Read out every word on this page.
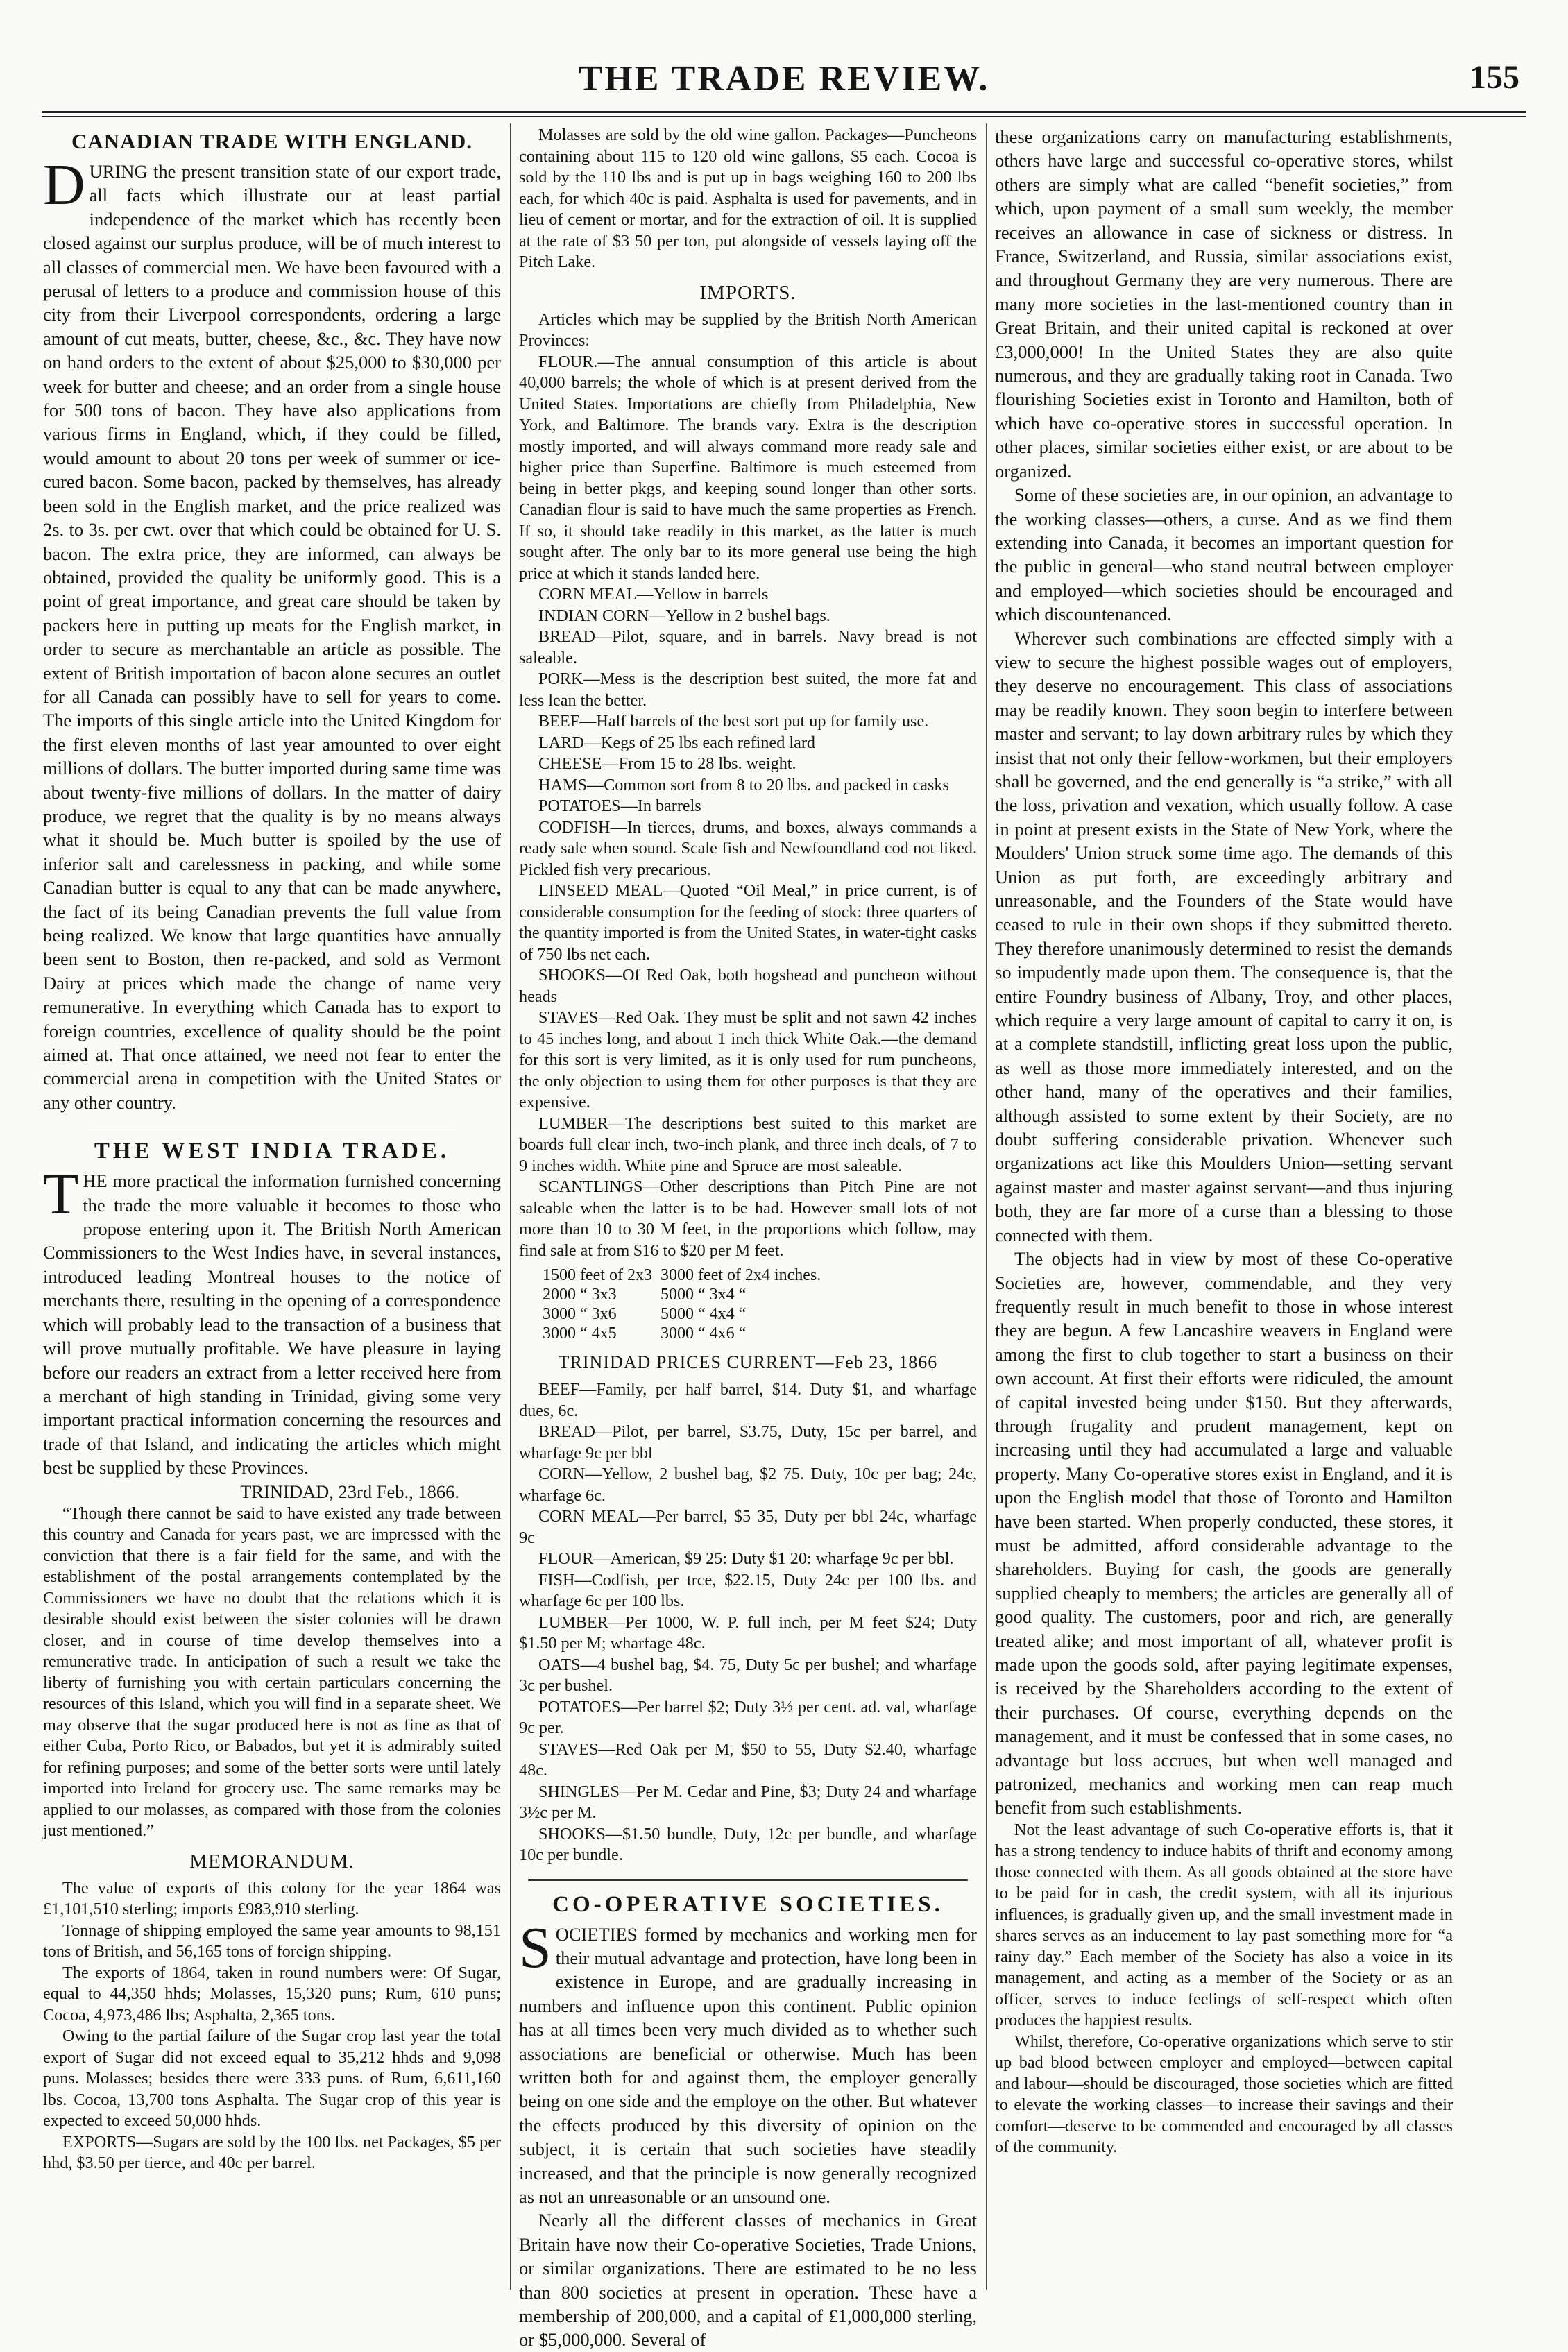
THE TRADE REVIEW.	155
CANADIAN TRADE WITH ENGLAND.

DURING the present transition state of our export trade, all facts which illustrate our at least partial independence of the market which has recently been closed against our surplus produce, will be of much interest to all classes of commercial men. We have been favoured with a perusal of letters to a produce and commission house of this city from their Liverpool correspondents, ordering a large amount of cut meats, butter, cheese, &c., &c. They have now on hand orders to the extent of about $25,000 to $30,000 per week for butter and cheese; and an order from a single house for 500 tons of bacon. They have also applications from various firms in England, which, if they could be filled, would amount to about 20 tons per week of summer or ice-cured bacon. Some bacon, packed by themselves, has already been sold in the English market, and the price realized was 2s. to 3s. per cwt. over that which could be obtained for U. S. bacon. The extra price, they are informed, can always be obtained, provided the quality be uniformly good. This is a point of great importance, and great care should be taken by packers here in putting up meats for the English market, in order to secure as merchantable an article as possible. The extent of British importation of bacon alone secures an outlet for all Canada can possibly have to sell for years to come. The imports of this single article into the United Kingdom for the first eleven months of last year amounted to over eight millions of dollars. The butter imported during same time was about twenty-five millions of dollars. In the matter of dairy produce, we regret that the quality is by no means always what it should be. Much butter is spoiled by the use of inferior salt and carelessness in packing, and while some Canadian butter is equal to any that can be made anywhere, the fact of its being Canadian prevents the full value from being realized. We know that large quantities have annually been sent to Boston, then re-packed, and sold as Vermont Dairy at prices which made the change of name very remunerative. In everything which Canada has to export to foreign countries, excellence of quality should be the point aimed at. That once attained, we need not fear to enter the commercial arena in competition with the United States or any other country.

THE WEST INDIA TRADE.

THE more practical the information furnished concerning the trade the more valuable it becomes to those who propose entering upon it. The British North American Commissioners to the West Indies have, in several instances, introduced leading Montreal houses to the notice of merchants there, resulting in the opening of a correspondence which will probably lead to the transaction of a business that will prove mutually profitable. We have pleasure in laying before our readers an extract from a letter received here from a merchant of high standing in Trinidad, giving some very important practical information concerning the resources and trade of that Island, and indicating the articles which might best be supplied by these Provinces.

TRINIDAD, 23rd Feb., 1866.

“Though there cannot be said to have existed any trade between this country and Canada for years past, we are impressed with the conviction that there is a fair field for the same, and with the establishment of the postal arrangements contemplated by the Commissioners we have no doubt that the relations which it is desirable should exist between the sister colonies will be drawn closer, and in course of time develop themselves into a remunerative trade. In anticipation of such a result we take the liberty of furnishing you with certain particulars concerning the resources of this Island, which you will find in a separate sheet. We may observe that the sugar produced here is not as fine as that of either Cuba, Porto Rico, or Babados, but yet it is admirably suited for refining purposes; and some of the better sorts were until lately imported into Ireland for grocery use. The same remarks may be applied to our molasses, as compared with those from the colonies just mentioned.”

MEMORANDUM.

The value of exports of this colony for the year 1864 was £1,101,510 sterling; imports £983,910 sterling.

Tonnage of shipping employed the same year amounts to 98,151 tons of British, and 56,165 tons of foreign shipping.

The exports of 1864, taken in round numbers were: Of Sugar, equal to 44,350 hhds; Molasses, 15,320 puns; Rum, 610 puns; Cocoa, 4,973,486 lbs; Asphalta, 2,365 tons.

Owing to the partial failure of the Sugar crop last year the total export of Sugar did not exceed equal to 35,212 hhds and 9,098 puns. Molasses; besides there were 333 puns. of Rum, 6,611,160 lbs. Cocoa, 13,700 tons Asphalta. The Sugar crop of this year is expected to exceed 50,000 hhds.

EXPORTS—Sugars are sold by the 100 lbs. net Packages, $5 per hhd, $3.50 per tierce, and 40c per barrel.

Molasses are sold by the old wine gallon. Packages—Puncheons containing about 115 to 120 old wine gallons, $5 each. Cocoa is sold by the 110 lbs and is put up in bags weighing 160 to 200 lbs each, for which 40c is paid. Asphalta is used for pavements, and in lieu of cement or mortar, and for the extraction of oil. It is supplied at the rate of $3 50 per ton, put alongside of vessels laying off the Pitch Lake.

IMPORTS.

Articles which may be supplied by the British North American Provinces:

FLOUR.—The annual consumption of this article is about 40,000 barrels; the whole of which is at present derived from the United States. Importations are chiefly from Philadelphia, New York, and Baltimore. The brands vary. Extra is the description mostly imported, and will always command more ready sale and higher price than Superfine. Baltimore is much esteemed from being in better pkgs, and keeping sound longer than other sorts. Canadian flour is said to have much the same properties as French. If so, it should take readily in this market, as the latter is much sought after. The only bar to its more general use being the high price at which it stands landed here.

CORN MEAL—Yellow in barrels

INDIAN CORN—Yellow in 2 bushel bags.

BREAD—Pilot, square, and in barrels. Navy bread is not saleable.

PORK—Mess is the description best suited, the more fat and less lean the better.

BEEF—Half barrels of the best sort put up for family use.

LARD—Kegs of 25 lbs each refined lard

CHEESE—From 15 to 28 lbs. weight.

HAMS—Common sort from 8 to 20 lbs. and packed in casks

POTATOES—In barrels

CODFISH—In tierces, drums, and boxes, always commands a ready sale when sound. Scale fish and Newfoundland cod not liked. Pickled fish very precarious.

LINSEED MEAL—Quoted “Oil Meal,” in price current, is of considerable consumption for the feeding of stock: three quarters of the quantity imported is from the United States, in water-tight casks of 750 lbs net each.

SHOOKS—Of Red Oak, both hogshead and puncheon without heads

STAVES—Red Oak. They must be split and not sawn 42 inches to 45 inches long, and about 1 inch thick White Oak.—the demand for this sort is very limited, as it is only used for rum puncheons, the only objection to using them for other purposes is that they are expensive.

LUMBER—The descriptions best suited to this market are boards full clear inch, two-inch plank, and three inch deals, of 7 to 9 inches width. White pine and Spruce are most saleable.

SCANTLINGS—Other descriptions than Pitch Pine are not saleable when the latter is to be had. However small lots of not more than 10 to 30 M feet, in the proportions which follow, may find sale at from $16 to $20 per M feet.

1500 feet of 2x3	3000 feet of 2x4 inches.
2000 “ 3x3	5000 “ 3x4 “
3000 “ 3x6	5000 “ 4x4 “
3000 “ 4x5	3000 “ 4x6 “
TRINIDAD PRICES CURRENT—Feb 23, 1866

BEEF—Family, per half barrel, $14. Duty $1, and wharfage dues, 6c.

BREAD—Pilot, per barrel, $3.75, Duty, 15c per barrel, and wharfage 9c per bbl

CORN—Yellow, 2 bushel bag, $2 75. Duty, 10c per bag; 24c, wharfage 6c.

CORN MEAL—Per barrel, $5 35, Duty per bbl 24c, wharfage 9c

FLOUR—American, $9 25: Duty $1 20: wharfage 9c per bbl.

FISH—Codfish, per trce, $22.15, Duty 24c per 100 lbs. and wharfage 6c per 100 lbs.

LUMBER—Per 1000, W. P. full inch, per M feet $24; Duty $1.50 per M; wharfage 48c.

OATS—4 bushel bag, $4. 75, Duty 5c per bushel; and wharfage 3c per bushel.

POTATOES—Per barrel $2; Duty 3½ per cent. ad. val, wharfage 9c per.

STAVES—Red Oak per M, $50 to 55, Duty $2.40, wharfage 48c.

SHINGLES—Per M. Cedar and Pine, $3; Duty 24 and wharfage 3½c per M.

SHOOKS—$1.50 bundle, Duty, 12c per bundle, and wharfage 10c per bundle.

CO-OPERATIVE SOCIETIES.

SOCIETIES formed by mechanics and working men for their mutual advantage and protection, have long been in existence in Europe, and are gradually increasing in numbers and influence upon this continent. Public opinion has at all times been very much divided as to whether such associations are beneficial or otherwise. Much has been written both for and against them, the employer generally being on one side and the employe on the other. But whatever the effects produced by this diversity of opinion on the subject, it is certain that such societies have steadily increased, and that the principle is now generally recognized as not an unreasonable or an unsound one.

Nearly all the different classes of mechanics in Great Britain have now their Co-operative Societies, Trade Unions, or similar organizations. There are estimated to be no less than 800 societies at present in operation. These have a membership of 200,000, and a capital of £1,000,000 sterling, or $5,000,000. Several of

these organizations carry on manufacturing establishments, others have large and successful co-operative stores, whilst others are simply what are called “benefit societies,” from which, upon payment of a small sum weekly, the member receives an allowance in case of sickness or distress. In France, Switzerland, and Russia, similar associations exist, and throughout Germany they are very numerous. There are many more societies in the last-mentioned country than in Great Britain, and their united capital is reckoned at over £3,000,000! In the United States they are also quite numerous, and they are gradually taking root in Canada. Two flourishing Societies exist in Toronto and Hamilton, both of which have co-operative stores in successful operation. In other places, similar societies either exist, or are about to be organized.

Some of these societies are, in our opinion, an advantage to the working classes—others, a curse. And as we find them extending into Canada, it becomes an important question for the public in general—who stand neutral between employer and employed—which societies should be encouraged and which discountenanced.

Wherever such combinations are effected simply with a view to secure the highest possible wages out of employers, they deserve no encouragement. This class of associations may be readily known. They soon begin to interfere between master and servant; to lay down arbitrary rules by which they insist that not only their fellow-workmen, but their employers shall be governed, and the end generally is “a strike,” with all the loss, privation and vexation, which usually follow. A case in point at present exists in the State of New York, where the Moulders' Union struck some time ago. The demands of this Union as put forth, are exceedingly arbitrary and unreasonable, and the Founders of the State would have ceased to rule in their own shops if they submitted thereto. They therefore unanimously determined to resist the demands so impudently made upon them. The consequence is, that the entire Foundry business of Albany, Troy, and other places, which require a very large amount of capital to carry it on, is at a complete standstill, inflicting great loss upon the public, as well as those more immediately interested, and on the other hand, many of the operatives and their families, although assisted to some extent by their Society, are no doubt suffering considerable privation. Whenever such organizations act like this Moulders Union—setting servant against master and master against servant—and thus injuring both, they are far more of a curse than a blessing to those connected with them.

The objects had in view by most of these Co-operative Societies are, however, commendable, and they very frequently result in much benefit to those in whose interest they are begun. A few Lancashire weavers in England were among the first to club together to start a business on their own account. At first their efforts were ridiculed, the amount of capital invested being under $150. But they afterwards, through frugality and prudent management, kept on increasing until they had accumulated a large and valuable property. Many Co-operative stores exist in England, and it is upon the English model that those of Toronto and Hamilton have been started. When properly conducted, these stores, it must be admitted, afford considerable advantage to the shareholders. Buying for cash, the goods are generally supplied cheaply to members; the articles are generally all of good quality. The customers, poor and rich, are generally treated alike; and most important of all, whatever profit is made upon the goods sold, after paying legitimate expenses, is received by the Shareholders according to the extent of their purchases. Of course, everything depends on the management, and it must be confessed that in some cases, no advantage but loss accrues, but when well managed and patronized, mechanics and working men can reap much benefit from such establishments.

Not the least advantage of such Co-operative efforts is, that it has a strong tendency to induce habits of thrift and economy among those connected with them. As all goods obtained at the store have to be paid for in cash, the credit system, with all its injurious influences, is gradually given up, and the small investment made in shares serves as an inducement to lay past something more for “a rainy day.” Each member of the Society has also a voice in its management, and acting as a member of the Society or as an officer, serves to induce feelings of self-respect which often produces the happiest results.

Whilst, therefore, Co-operative organizations which serve to stir up bad blood between employer and employed—between capital and labour—should be discouraged, those societies which are fitted to elevate the working classes—to increase their savings and their comfort—deserve to be commended and encouraged by all classes of the community.
